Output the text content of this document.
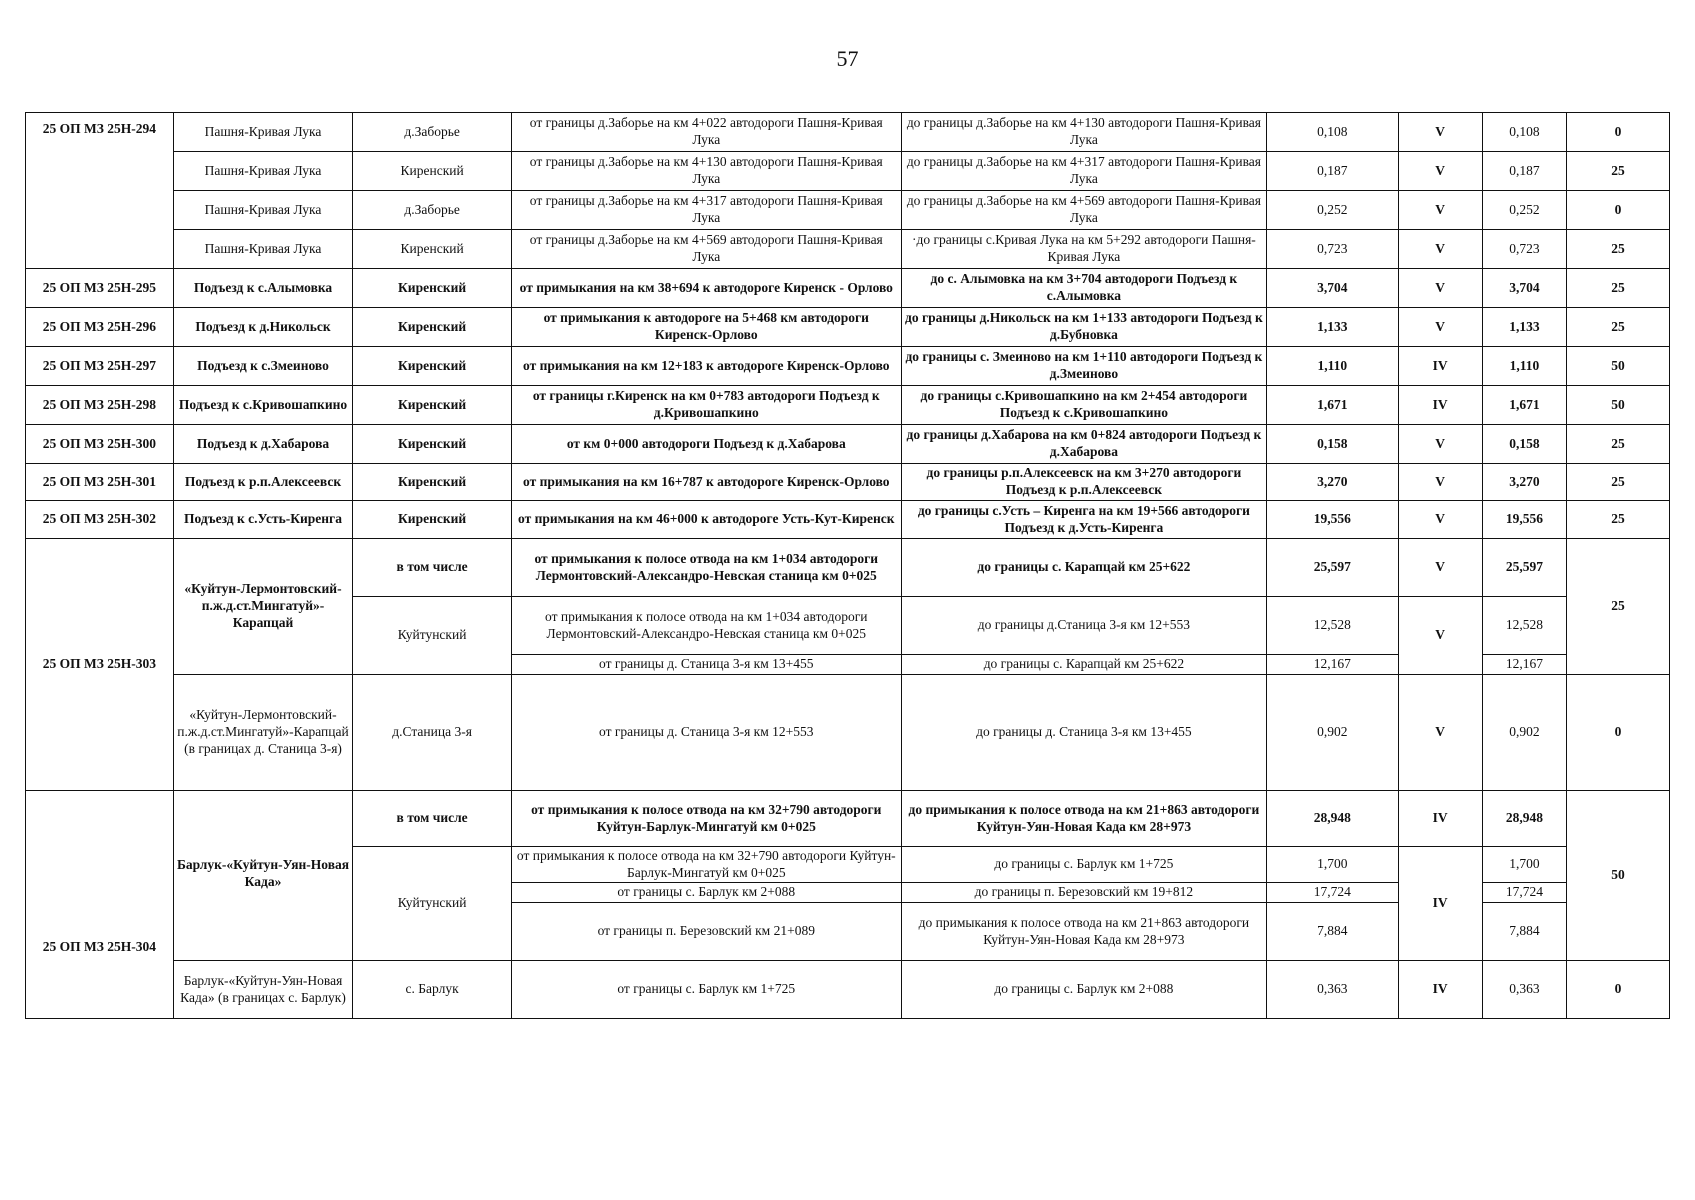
57
25 ОП МЗ 25Н-294	Пашня-Кривая Лука	д.Заборье	от границы д.Заборье на км 4+022 автодороги Пашня-Кривая Лука	до границы д.Заборье на км 4+130 автодороги Пашня-Кривая Лука	0,108	V	0,108	0
	Пашня-Кривая Лука	Киренский	от границы д.Заборье на км 4+130 автодороги Пашня-Кривая Лука	до границы д.Заборье на км 4+317 автодороги Пашня-Кривая Лука	0,187	V	0,187	25
	Пашня-Кривая Лука	д.Заборье	от границы д.Заборье на км 4+317 автодороги Пашня-Кривая Лука	до границы д.Заборье на км 4+569 автодороги Пашня-Кривая Лука	0,252	V	0,252	0
	Пашня-Кривая Лука	Киренский	от границы д.Заборье на км 4+569 автодороги Пашня-Кривая Лука	·до границы с.Кривая Лука на км 5+292 автодороги Пашня-Кривая Лука	0,723	V	0,723	25
25 ОП МЗ 25Н-295	Подъезд к с.Алымовка	Киренский	от примыкания на км 38+694 к автодороге Киренск - Орлово	до с. Алымовка на км 3+704 автодороги Подъезд к с.Алымовка	3,704	V	3,704	25
25 ОП МЗ 25Н-296	Подъезд к д.Никольск	Киренский	от примыкания к автодороге на 5+468 км автодороги Киренск-Орлово	до границы д.Никольск на км 1+133 автодороги Подъезд к д.Бубновка	1,133	V	1,133	25
25 ОП МЗ 25Н-297	Подъезд к с.Змеиново	Киренский	от примыкания на км 12+183 к автодороге Киренск-Орлово	до границы с. Змеиново на км 1+110 автодороги Подъезд к д.Змеиново	1,110	IV	1,110	50
25 ОП МЗ 25Н-298	Подъезд к с.Кривошапкино	Киренский	от границы г.Киренск на км 0+783 автодороги Подъезд к д.Кривошапкино	до границы с.Кривошапкино на км 2+454 автодороги Подъезд к с.Кривошапкино	1,671	IV	1,671	50
25 ОП МЗ 25Н-300	Подъезд к д.Хабарова	Киренский	от км 0+000 автодороги Подъезд к д.Хабарова	до границы д.Хабарова на км 0+824 автодороги Подъезд к д.Хабарова	0,158	V	0,158	25
25 ОП МЗ 25Н-301	Подъезд к р.п.Алексеевск	Киренский	от примыкания на км 16+787 к автодороге Киренск-Орлово	до границы р.п.Алексеевск на км 3+270 автодороги Подъезд к р.п.Алексеевск	3,270	V	3,270	25
25 ОП МЗ 25Н-302	Подъезд к с.Усть-Киренга	Киренский	от примыкания на км 46+000 к автодороге Усть-Кут-Киренск	до границы с.Усть – Киренга на км 19+566 автодороги Подъезд к д.Усть-Киренга	19,556	V	19,556	25
25 ОП МЗ 25Н-303	«Куйтун-Лермонтовский-п.ж.д.ст.Мингатуй»-Карапцай	в том числе	от примыкания к полосе отвода на км 1+034 автодороги Лермонтовский-Александро-Невская станица км 0+025	до границы с. Карапцай км 25+622	25,597	V	25,597	25
		Куйтунский	от примыкания к полосе отвода на км 1+034 автодороги Лермонтовский-Александро-Невская станица км 0+025	до границы д.Станица 3-я км 12+553	12,528	V	12,528	
			от границы д. Станица 3-я км 13+455	до границы с. Карапцай км 25+622	12,167		12,167	
	«Куйтун-Лермонтовский-п.ж.д.ст.Мингатуй»-Карапцай (в границах д. Станица 3-я)	д.Станица 3-я	от границы д. Станица 3-я км 12+553	до границы д. Станица 3-я км 13+455	0,902	V	0,902	0
25 ОП МЗ 25Н-304	Барлук-«Куйтун-Уян-Новая Када»	в том числе	от примыкания к полосе отвода на км 32+790 автодороги Куйтун-Барлук-Мингатуй км 0+025	до примыкания к полосе отвода на км 21+863 автодороги Куйтун-Уян-Новая Када км 28+973	28,948	IV	28,948	50
		Куйтунский	от примыкания к полосе отвода на км 32+790 автодороги Куйтун-Барлук-Мингатуй км 0+025	до границы с. Барлук км 1+725	1,700	IV	1,700	
			от границы с. Барлук км 2+088	до границы п. Березовский км 19+812	17,724		17,724	
			от границы п. Березовский км 21+089	до примыкания к полосе отвода на км 21+863 автодороги Куйтун-Уян-Новая Када км 28+973	7,884		7,884	
	Барлук-«Куйтун-Уян-Новая Када» (в границах с. Барлук)	с. Барлук	от границы с. Барлук км 1+725	до границы с. Барлук км 2+088	0,363	IV	0,363	0
